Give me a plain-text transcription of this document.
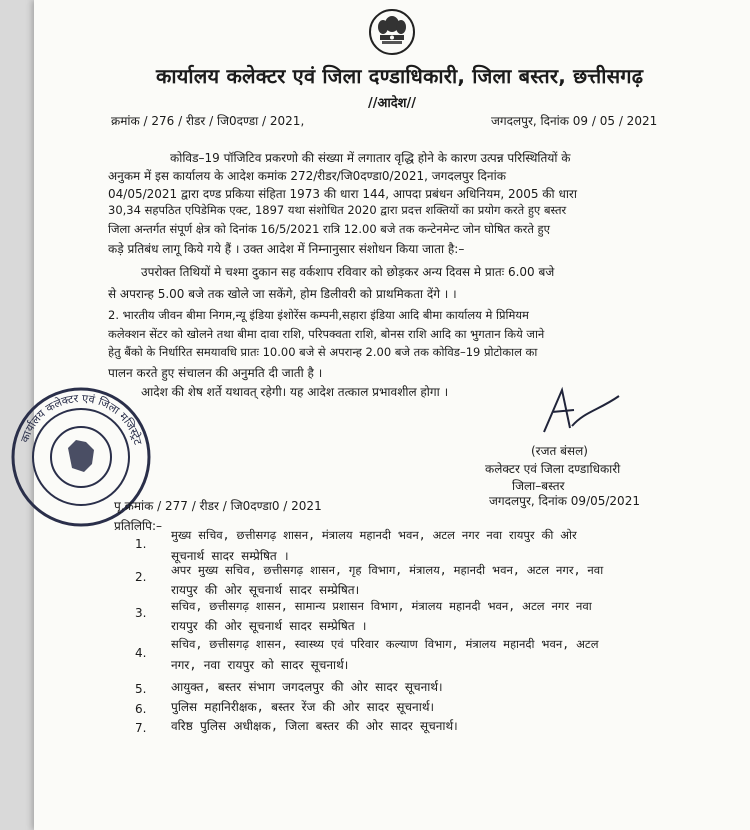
कार्यालय कलेक्टर एवं जिला दण्डाधिकारी, जिला बस्तर, छत्तीसगढ़
//आदेश//
क्रमांक / 276 / रीडर / जि0दण्डा / 2021,	जगदलपुर, दिनांक 09 / 05 / 2021
कोविड–19 पॉजिटिव प्रकरणो की संख्या में लगातार वृद्धि होने के कारण उत्पन्न परिस्थितियों के
अनुकम में इस कार्यालय के आदेश कमांक 272/रीडर/जि0दण्डा0/2021, जगदलपुर दिनांक
04/05/2021 द्वारा दण्ड प्रकिया संहिता 1973 की धारा 144, आपदा प्रबंधन अधिनियम, 2005 की धारा
30,34 सहपठित एपिडेमिक एक्ट, 1897 यथा संशोधित 2020 द्वारा प्रदत्त शक्तियों का प्रयोग करते हुए बस्तर
जिला अन्तर्गत संपूर्ण क्षेत्र को दिनांक 16/5/2021 रात्रि 12.00 बजे तक कन्टेनमेन्ट जोन घोषित करते हुए
कड़े प्रतिबंध लागू किये गये हैं । उक्त आदेश में निम्नानुसार संशोधन किया जाता है:–
उपरोक्त तिथियों मे चश्मा दुकान सह वर्कशाप रविवार को छोड़कर अन्य दिवस मे प्रातः 6.00 बजे
से अपरान्ह 5.00 बजे तक खोले जा सकेंगे, होम डिलीवरी को प्राथमिकता देंगे । ।
2. भारतीय जीवन बीमा निगम,न्यू इंडिया इंशोरेंस कम्पनी,सहारा इंडिया आदि बीमा कार्यालय मे प्रिमियम
कलेक्शन सेंटर को खोलने तथा बीमा दावा राशि, परिपक्वता राशि, बोनस राशि आदि का भुगतान किये जाने
हेतु बैंको के निर्धारित समयावधि प्रातः 10.00 बजे से अपरान्ह 2.00 बजे तक कोविड–19 प्रोटोकाल का
पालन करते हुए संचालन की अनुमति दी जाती है ।
आदेश की शेष शर्ते यथावत् रहेगी। यह आदेश तत्काल प्रभावशील होगा ।
(रजत बंसल)
कलेक्टर एवं जिला दण्डाधिकारी
जिला–बस्तर
जगदलपुर, दिनांक 09/05/2021
कार्यालय कलेक्टर एवं जिला मजिस्ट्रेट
पृ.क्रमांक / 277 / रीडर / जि0दण्डा0 / 2021
प्रतिलिपि:–
1.
मुख्य सचिव, छत्तीसगढ़ शासन, मंत्रालय महानदी भवन, अटल नगर नवा रायपुर की ओर
सूचनार्थ सादर सम्प्रेषित ।
2. अपर मुख्य सचिव, छत्तीसगढ़ शासन, गृह विभाग, मंत्रालय, महानदी भवन, अटल नगर, नवा
रायपुर की ओर सूचनार्थ सादर सम्प्रेषित।
3. सचिव, छत्तीसगढ़ शासन, सामान्य प्रशासन विभाग, मंत्रालय महानदी भवन, अटल नगर नवा
रायपुर की ओर सूचनार्थ सादर सम्प्रेषित ।
4.
सचिव, छत्तीसगढ़ शासन, स्वास्थ्य एवं परिवार कल्याण विभाग, मंत्रालय महानदी भवन, अटल
नगर, नवा रायपुर को सादर सूचनार्थ।
5. आयुक्त, बस्तर संभाग जगदलपुर की ओर सादर सूचनार्थ।
6. पुलिस महानिरीक्षक, बस्तर रेंज की ओर सादर सूचनार्थ।
7. वरिष्ठ पुलिस अधीक्षक, जिला बस्तर की ओर सादर सूचनार्थ।
